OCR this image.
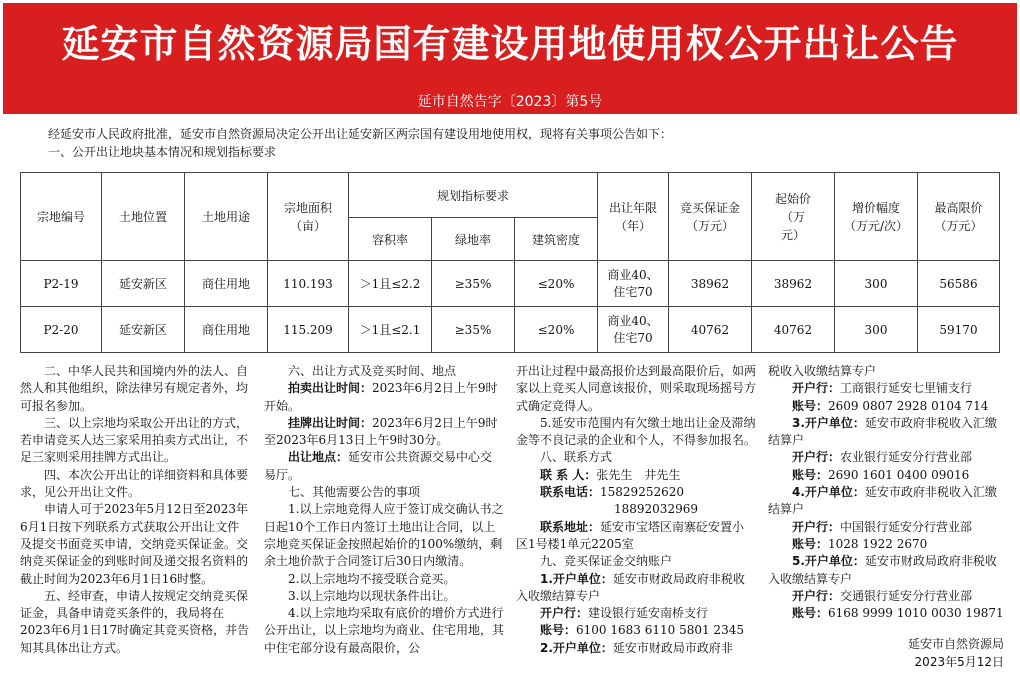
延安市自然资源局国有建设用地使用权公开出让公告
延市自然告字〔2023〕第5号

经延安市人民政府批准，延安市自然资源局决定公开出让延安新区两宗国有建设用地使用权，现将有关事项公告如下：

一、公开出让地块基本情况和规划指标要求

宗地编号	土地位置	土地用途	宗地面积（亩）	规划指标要求			出让年限（年）	竞买保证金（万元）	起始价（万元）	增价幅度（万元/次）	最高限价（万元）
				容积率	绿地率	建筑密度					
P2-19	延安新区	商住用地	110.193	＞1且≤2.2	≥35%	≤20%	商业40、
住宅70	38962	38962	300	56586
P2-20	延安新区	商住用地	115.209	＞1且≤2.1	≥35%	≤20%	商业40、
住宅70	40762	40762	300	59170

二、中华人民共和国境内外的法人、自然人和其他组织，除法律另有规定者外，均可报名参加。

三、以上宗地均采取公开出让的方式，若申请竞买人达三家采用拍卖方式出让，不足三家则采用挂牌方式出让。

四、本次公开出让的详细资料和具体要求，见公开出让文件。

申请人可于2023年5月12日至2023年6月1日按下列联系方式获取公开出让文件及提交书面竞买申请，交纳竞买保证金。交纳竞买保证金的到账时间及递交报名资料的截止时间为2023年6月1日16时整。

五、经审查，申请人按规定交纳竞买保证金，具备申请竞买条件的，我局将在2023年6月1日17时确定其竞买资格，并告知其具体出让方式。

六、出让方式及竞买时间、地点

拍卖出让时间：2023年6月2日上午9时开始。

挂牌出让时间：2023年6月2日上午9时至2023年6月13日上午9时30分。

出让地点：延安市公共资源交易中心交易厅。

七、其他需要公告的事项

1.以上宗地竞得人应于签订成交确认书之日起10个工作日内签订土地出让合同，以上宗地竞买保证金按照起始价的100%缴纳，剩余土地价款于合同签订后30日内缴清。

2.以上宗地均不接受联合竞买。

3.以上宗地均以现状条件出让。

4.以上宗地均采取有底价的增价方式进行公开出让，以上宗地均为商业、住宅用地，其中住宅部分设有最高限价，公

开出让过程中最高报价达到最高限价后，如两家以上竞买人同意该报价，则采取现场摇号方式确定竞得人。

5.延安市范围内有欠缴土地出让金及滞纳金等不良记录的企业和个人，不得参加报名。

八、联系方式

联 系 人：张先生　井先生

联系电话：15829252620

18892032969

联系地址：延安市宝塔区南寨砭安置小区1号楼1单元2205室

九、竞买保证金交纳账户

1.开户单位：延安市财政局政府非税收入收缴结算专户

开户行：建设银行延安南桥支行

账号：6100 1683 6110 5801 2345

2.开户单位：延安市财政局市政府非

税收入收缴结算专户

开户行：工商银行延安七里铺支行

账号：2609 0807 2928 0104 714

3.开户单位：延安市政府非税收入汇缴结算户

开户行：农业银行延安分行营业部

账号：2690 1601 0400 09016

4.开户单位：延安市政府非税收入汇缴结算户

开户行：中国银行延安分行营业部

账号：1028 1922 2670

5.开户单位：延安市财政局政府非税收入收缴结算专户

开户行：交通银行延安分行营业部

账号：6168 9999 1010 0030 19871

延安市自然资源局

2023年5月12日
